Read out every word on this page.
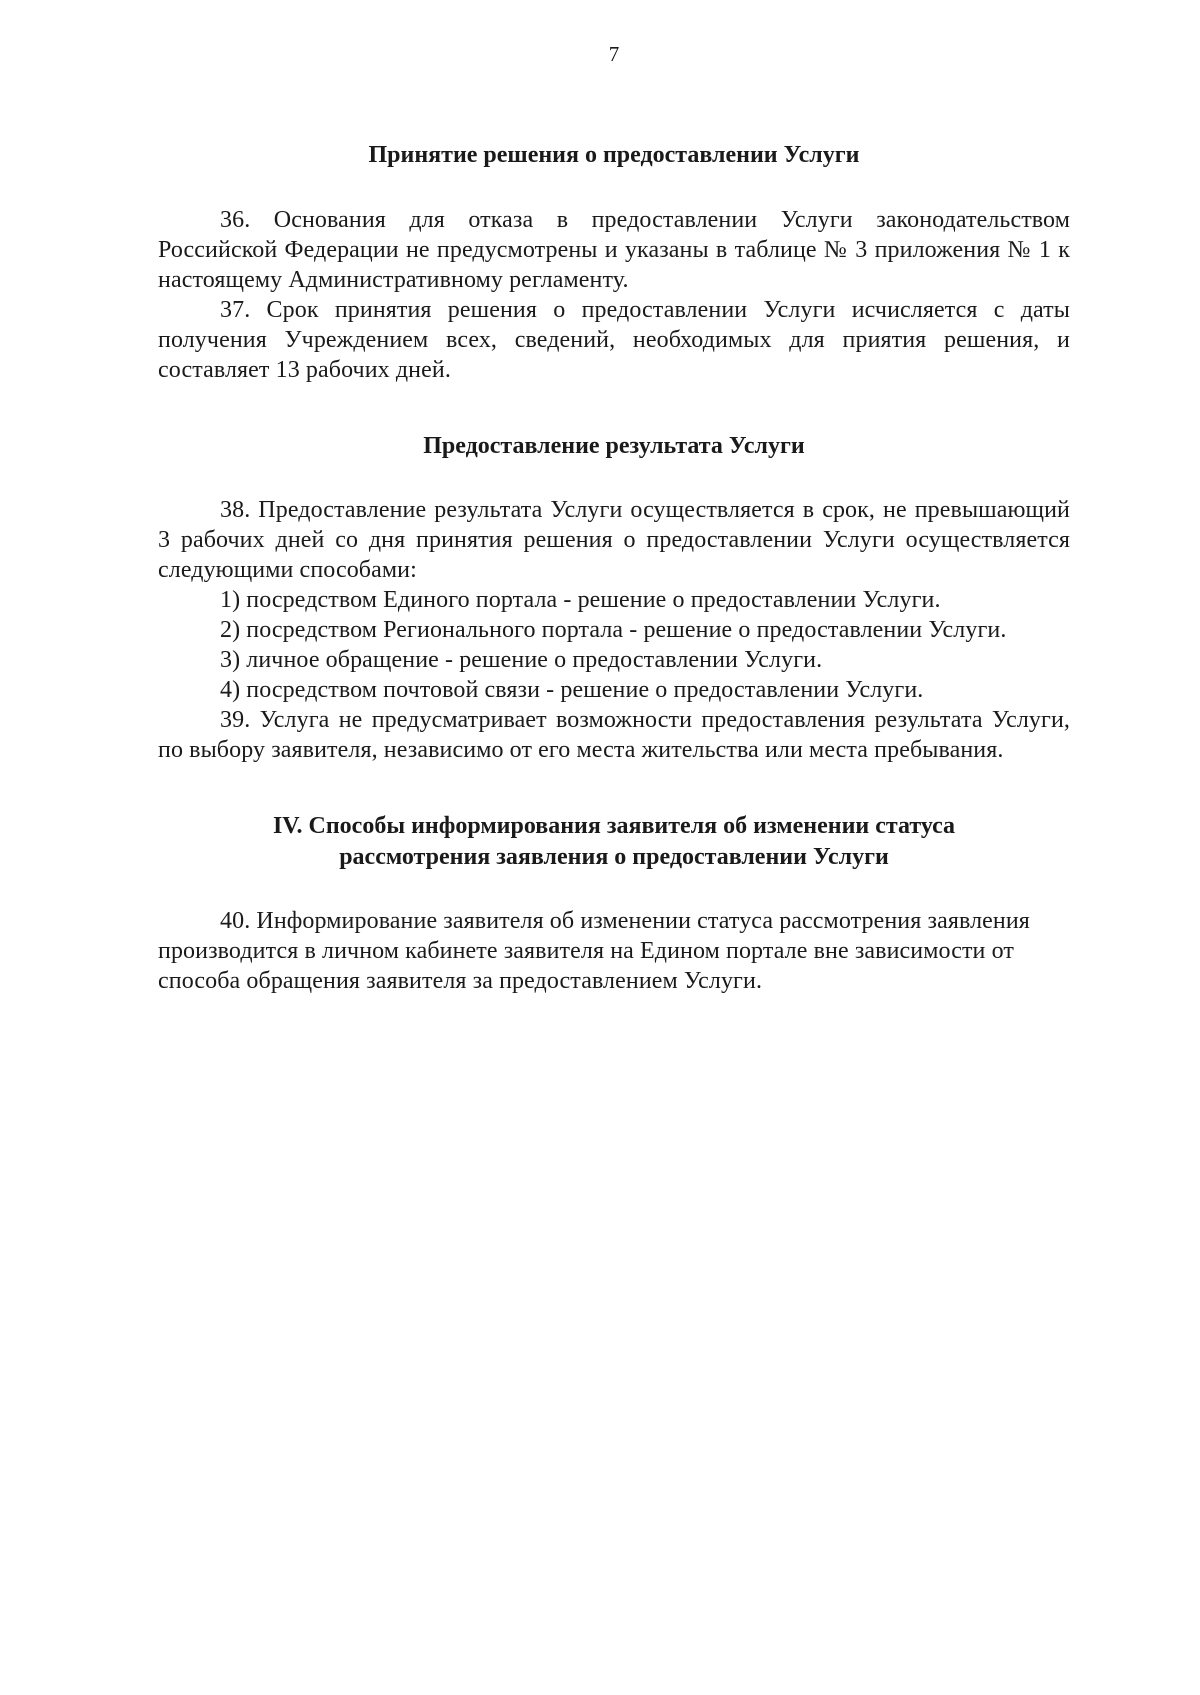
7
Принятие решения о предоставлении Услуги

36. Основания для отказа в предоставлении Услуги законодательством Российской Федерации не предусмотрены и указаны в таблице № 3 приложения № 1 к настоящему Административному регламенту.

37. Срок принятия решения о предоставлении Услуги исчисляется с даты получения Учреждением всех, сведений, необходимых для приятия решения, и составляет 13 рабочих дней.

Предоставление результата Услуги

38. Предоставление результата Услуги осуществляется в срок, не превышающий 3 рабочих дней со дня принятия решения о предоставлении Услуги осуществляется следующими способами:

1) посредством Единого портала - решение о предоставлении Услуги.

2) посредством Регионального портала - решение о предоставлении Услуги.

3) личное обращение - решение о предоставлении Услуги.

4) посредством почтовой связи - решение о предоставлении Услуги.

39. Услуга не предусматривает возможности предоставления результата Услуги, по выбору заявителя, независимо от его места жительства или места пребывания.

IV. Способы информирования заявителя об изменении статуса
рассмотрения заявления о предоставлении Услуги

40. Информирование заявителя об изменении статуса рассмотрения заявления производится в личном кабинете заявителя на Едином портале вне зависимости от способа обращения заявителя за предоставлением Услуги.
